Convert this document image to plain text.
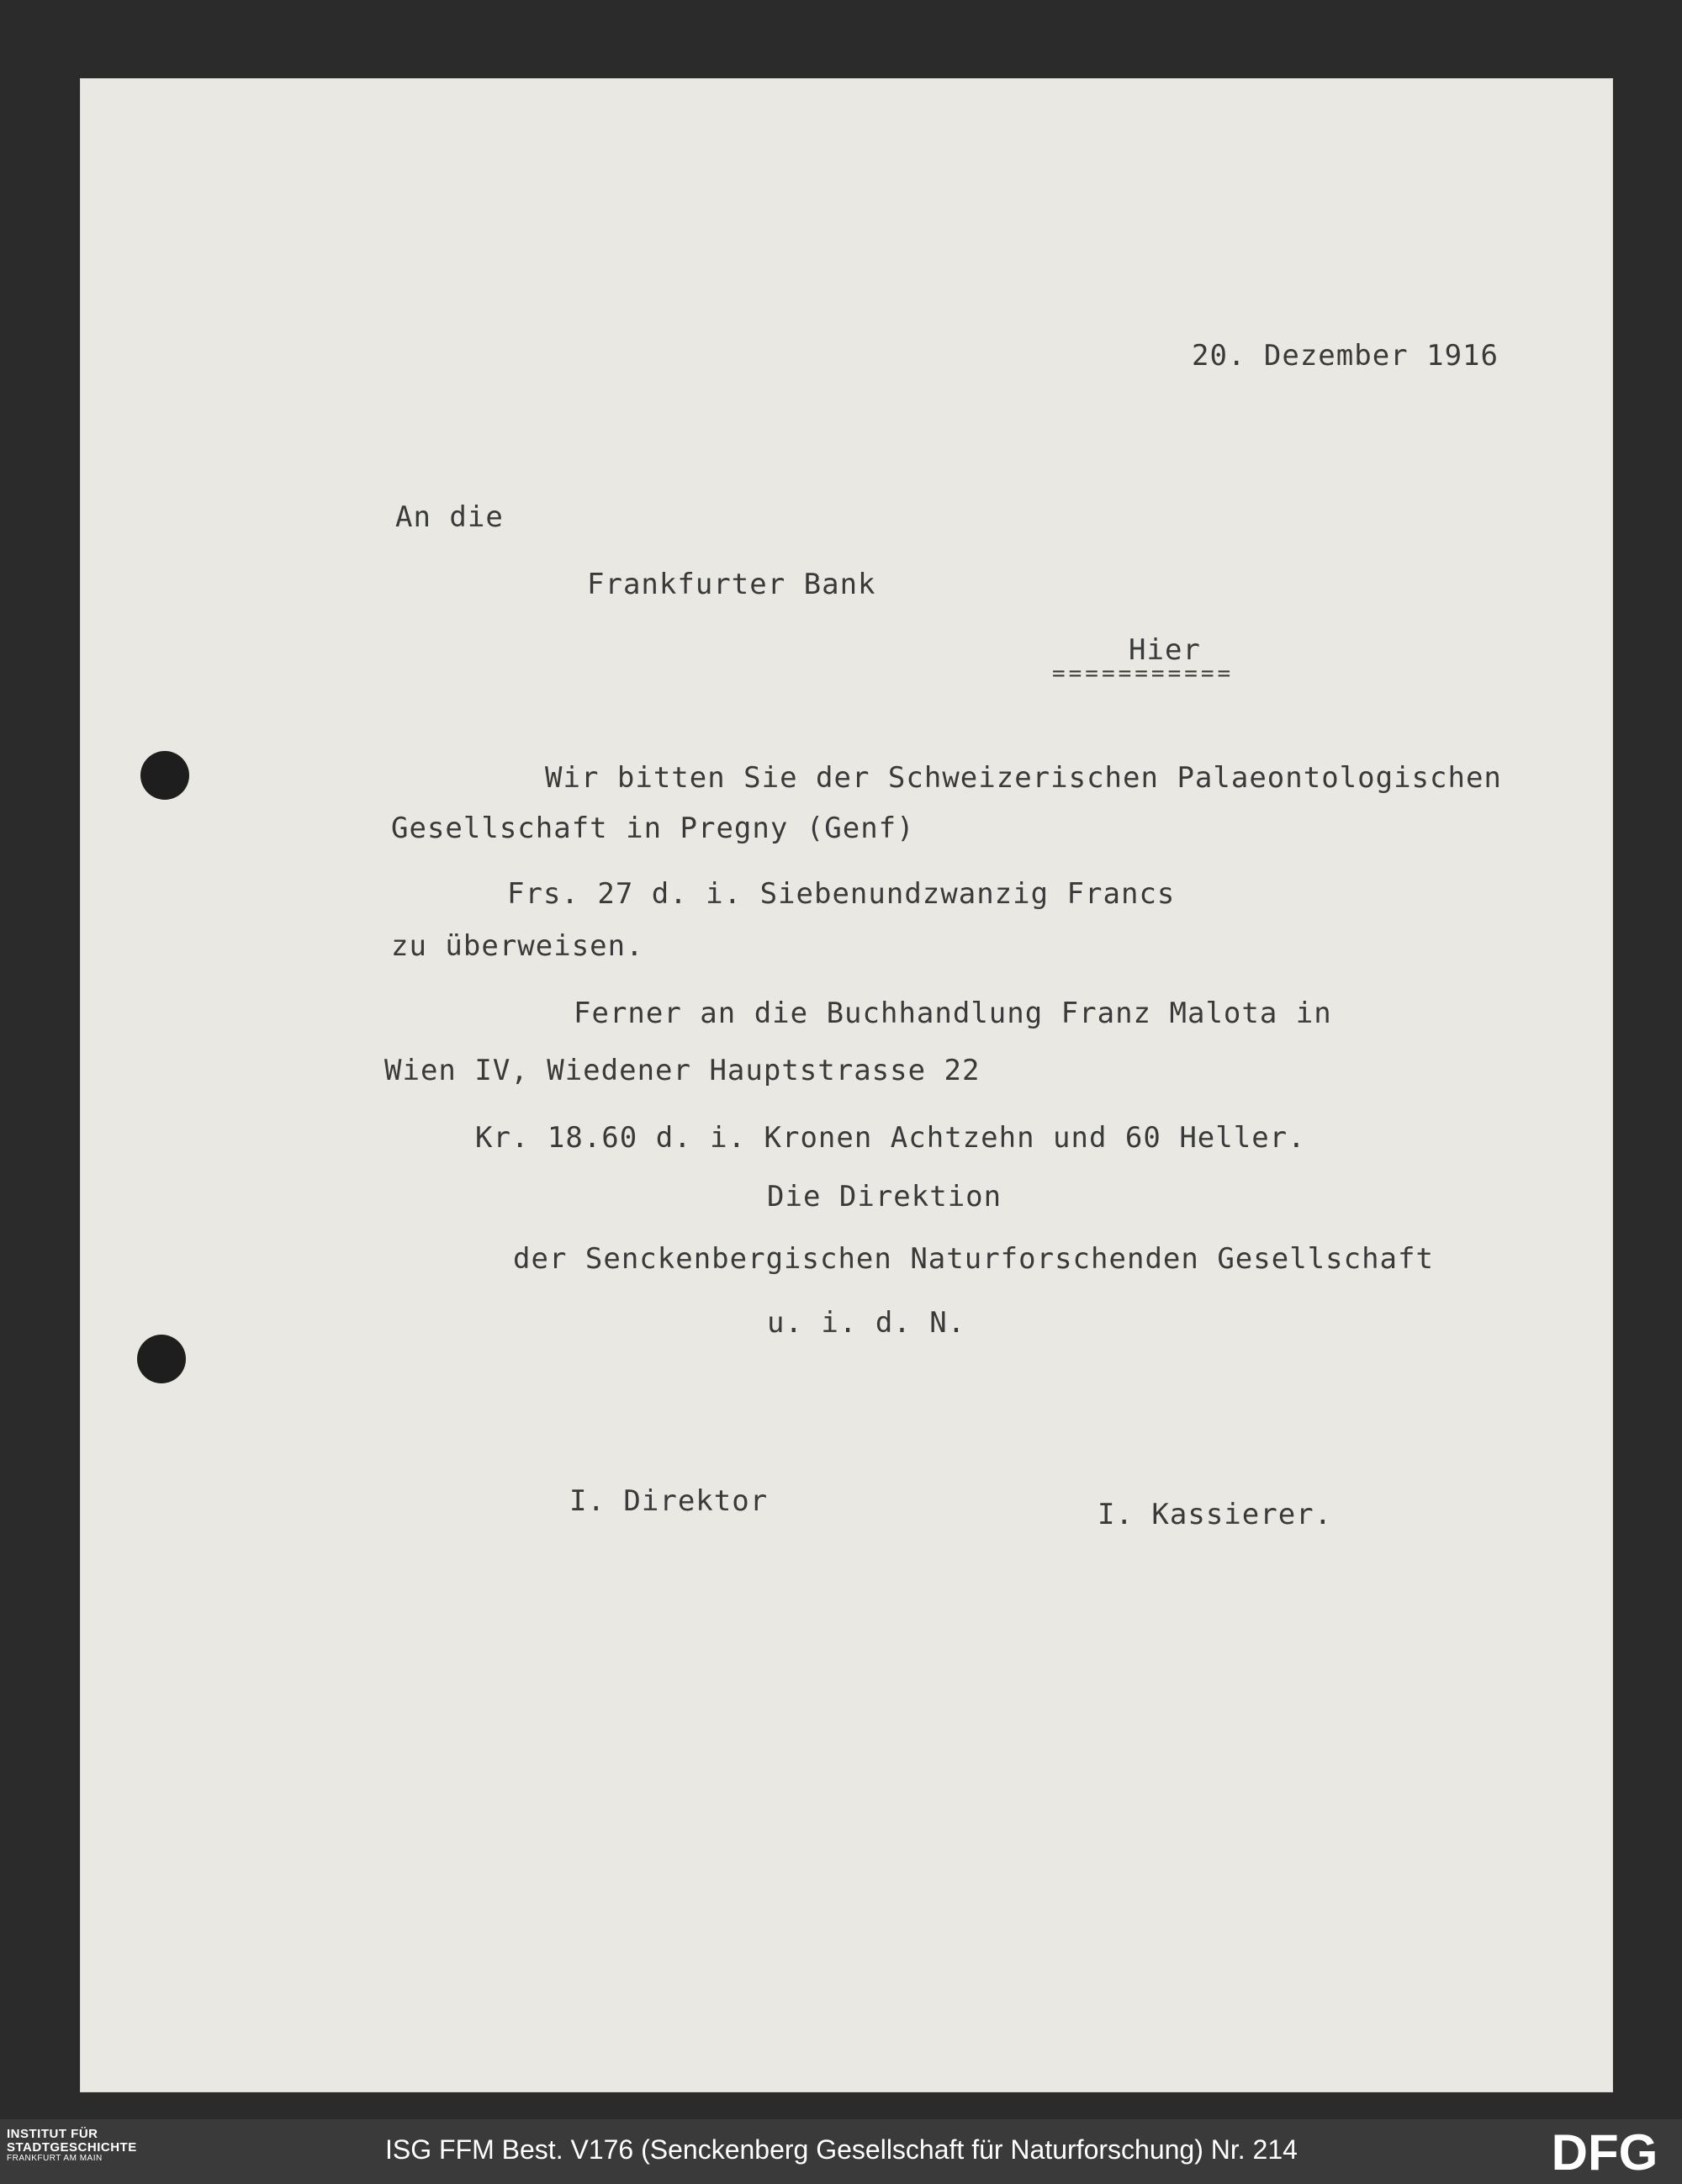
20. Dezember 1916
An die
Frankfurter Bank
Hier
===========
Wir bitten Sie der Schweizerischen Palaeontologischen
Gesellschaft in Pregny (Genf)
Frs. 27 d. i. Siebenundzwanzig Francs
zu überweisen.
Ferner an die Buchhandlung Franz Malota in
Wien IV, Wiedener Hauptstrasse 22
Kr. 18.60 d. i. Kronen Achtzehn und 60 Heller.
Die Direktion
der Senckenbergischen Naturforschenden Gesellschaft
u. i. d. N.
I. Direktor	I. Kassierer.
INSTITUT FÜR
STADTGESCHICHTE
FRANKFURT AM MAIN	ISG FFM Best. V176 (Senckenberg Gesellschaft für Naturforschung) Nr. 214	DFG
